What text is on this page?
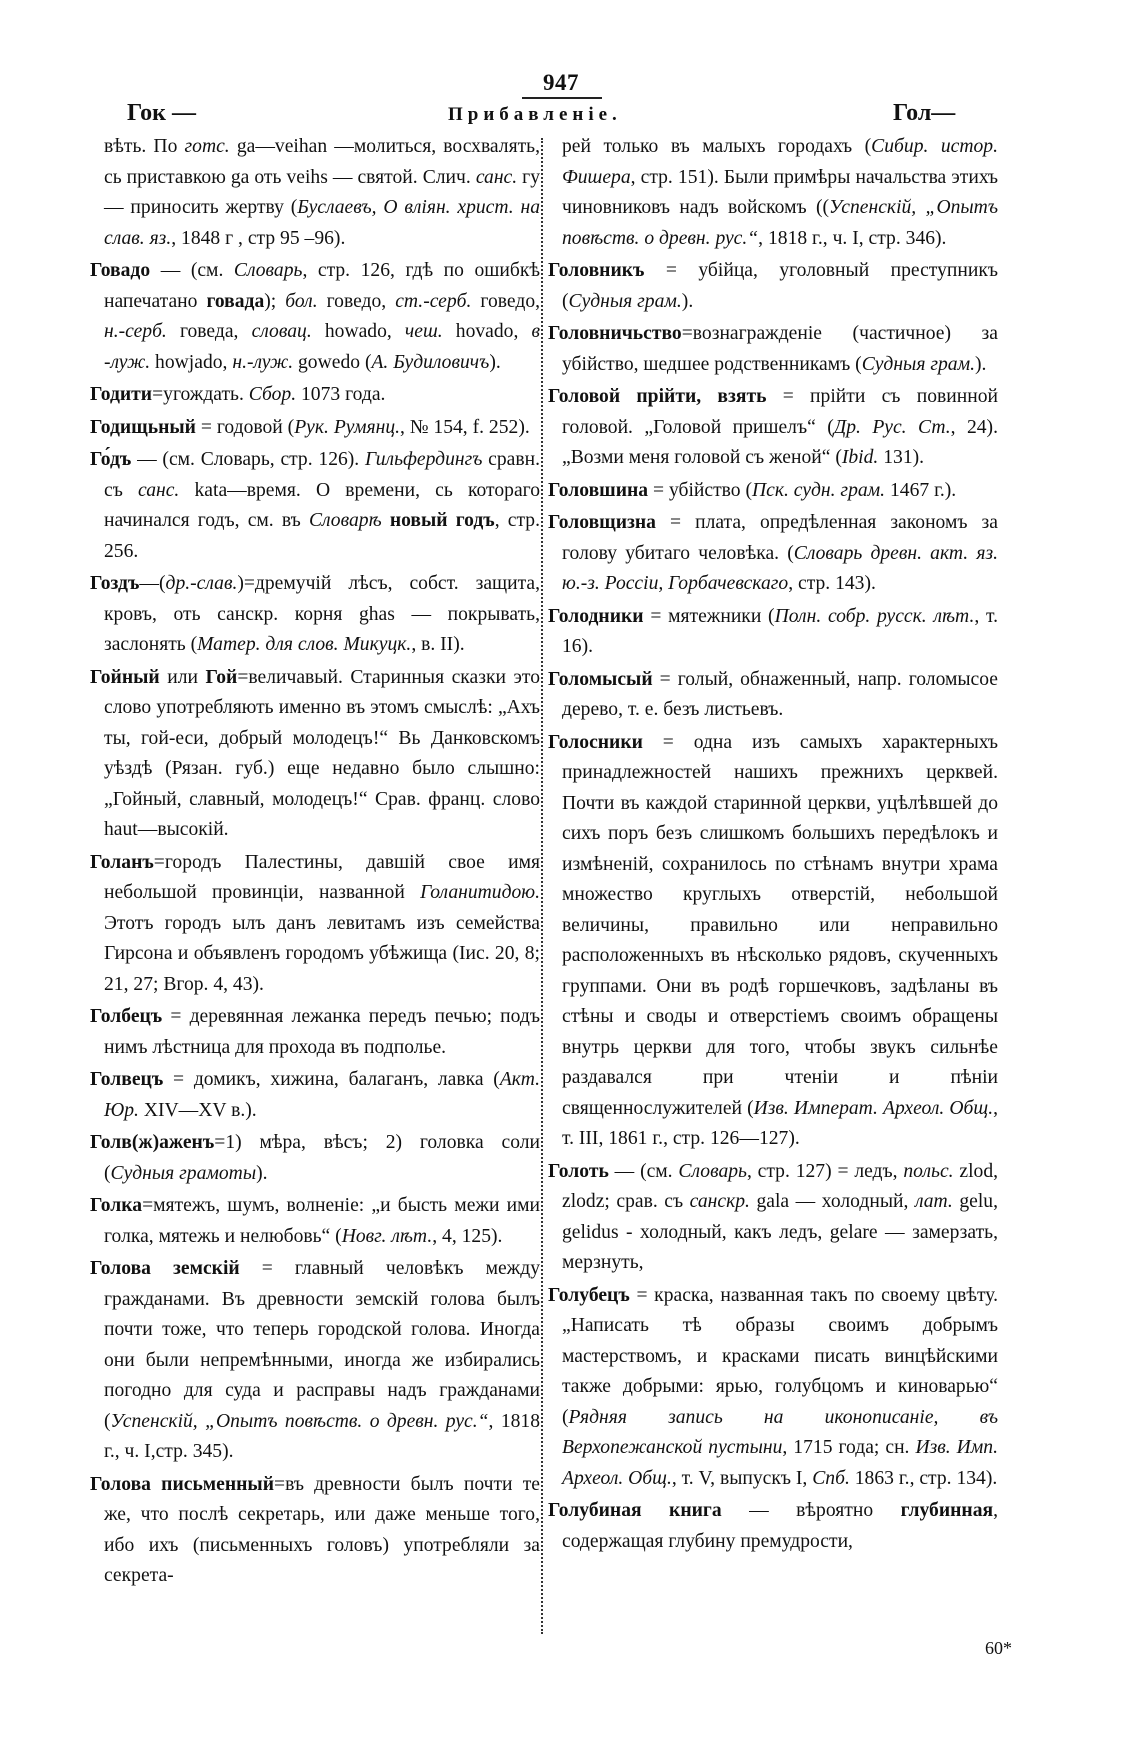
947
Гок —	Прибавленіе.	Гол—

вѣть. По готс. ga—veihan —молиться, восхвалять, сь приставкою ga оть veihs — святой. Слич. санс. гу — приносить жертву (Буслаевъ, О вліян. христ. на слав. яз., 1848 г , стр 95 –96).

Говадо — (см. Словарь, стр. 126, гдѣ по ошибкѣ напечатано говада); бол. говедо, ст.-серб. говедо, н.-серб. говеда, словац. howado, чеш. hovado, в -луж. howjado, н.-луж. gowedo (А. Будиловичъ).

Годити=угождать. Сбор. 1073 года.

Годищьный = годовой (Рук. Румянц., № 154, f. 252).

Го́дъ — (см. Словарь, стр. 126). Гильфердингъ сравн. съ санс. kata—время. О времени, сь котораго начинался годъ, см. въ Словарѣ новый годъ, стр. 256.

Гоздъ—(др.-слав.)=дремучій лѣсъ, собст. защита, кровъ, оть санскр. корня ghas — покрывать, заслонять (Матер. для слов. Микуцк., в. II).

Гойный или Гой=величавый. Старинныя сказки это слово употребляють именно въ этомъ смыслѣ: „Ахъ ты, гой-еси, добрый молодецъ!“ Вь Данковскомъ уѣздѣ (Рязан. губ.) еще недавно было слышно: „Гойный, славный, молодецъ!“ Срав. франц. слово haut—высокій.

Голанъ=городъ Палестины, давшій свое имя небольшой провинціи, названной Голанитидою. Этотъ городъ ылъ данъ левитамъ изъ семейства Гирсона и объявленъ городомъ убѣжища (Іис. 20, 8; 21, 27; Вгор. 4, 43).

Голбецъ = деревянная лежанка передъ печью; подъ нимъ лѣстница для прохода въ подполье.

Голвецъ = домикъ, хижина, балаганъ, лавка (Акт. Юр. XIV—XV в.).

Голв(ж)аженъ=1) мѣра, вѣсъ; 2) головка соли (Судныя грамоты).

Голка=мятежъ, шумъ, волненіе: „и бысть межи ими голка, мятежь и нелюбовь“ (Новг. лѣт., 4, 125).

Голова земскій = главный человѣкъ между гражданами. Въ древности земскій голова былъ почти тоже, что теперь городской голова. Иногда они были непремѣнными, иногда же избирались погодно для суда и расправы надъ гражданами (Успенскій, „Опытъ повѣств. о древн. рус.“, 1818 г., ч. I,стр. 345).

Голова письменный=въ древности былъ почти те же, что послѣ секретарь, или даже меньше того, ибо ихъ (письменныхъ головъ) употребляли за секрета-

рей только въ малыхъ городахъ (Сибир. истор. Фишера, стр. 151). Были примѣры начальства этихъ чиновниковъ надъ войскомъ ((Успенскій, „Опытъ повѣств. о древн. рус.“, 1818 г., ч. I, стр. 346).

Головникъ = убійца, уголовный преступникъ (Судныя грам.).

Головничьство=вознагражденіе (частичное) за убійство, шедшее родственникамъ (Судныя грам.).

Головой прійти, взять = прійти съ повинной головой. „Головой пришелъ“ (Др. Рус. Ст., 24). „Возми меня головой съ женой“ (Ibid. 131).

Головшина = убійство (Пск. судн. грам. 1467 г.).

Головщизна = плата, опредѣленная закономъ за голову убитаго человѣка. (Словарь древн. акт. яз. ю.-з. Россіи, Горбачевскаго, стр. 143).

Голодники = мятежники (Полн. собр. русск. лѣт., т. 16).

Голомысый = голый, обнаженный, напр. голомысое дерево, т. е. безъ листьевъ.

Голосники = одна изъ самыхъ характерныхъ принадлежностей нашихъ прежнихъ церквей. Почти въ каждой старинной церкви, уцѣлѣвшей до сихъ поръ безъ слишкомъ большихъ передѣлокъ и измѣненій, сохранилось по стѣнамъ внутри храма множество круглыхъ отверстій, небольшой величины, правильно или неправильно расположенныхъ въ нѣсколько рядовъ, скученныхъ группами. Они въ родѣ горшечковъ, задѣланы въ стѣны и своды и отверстіемъ своимъ обращены внутрь церкви для того, чтобы звукъ сильнѣе раздавался при чтеніи и пѣніи священнослужителей (Изв. Императ. Археол. Общ., т. III, 1861 г., стр. 126—127).

Голоть — (см. Словарь, стр. 127) = ледъ, польс. zlod, zlodz; срав. съ санскр. gala — холодный, лат. gelu, gelidus - холодный, какъ ледъ, gelare — замерзать, мерзнуть,

Голубецъ = краска, названная такъ по своему цвѣту. „Написать тѣ образы своимъ добрымъ мастерствомъ, и красками писать винцѣйскими также добрыми: ярью, голубцомъ и киноварью“ (Рядняя запись на иконописаніе, въ Верхопежанской пустыни, 1715 года; сн. Изв. Имп. Археол. Общ., т. V, выпускъ I, Спб. 1863 г., стр. 134).

Голубиная книга — вѣроятно глубинная, содержащая глубину премудрости,

60*
